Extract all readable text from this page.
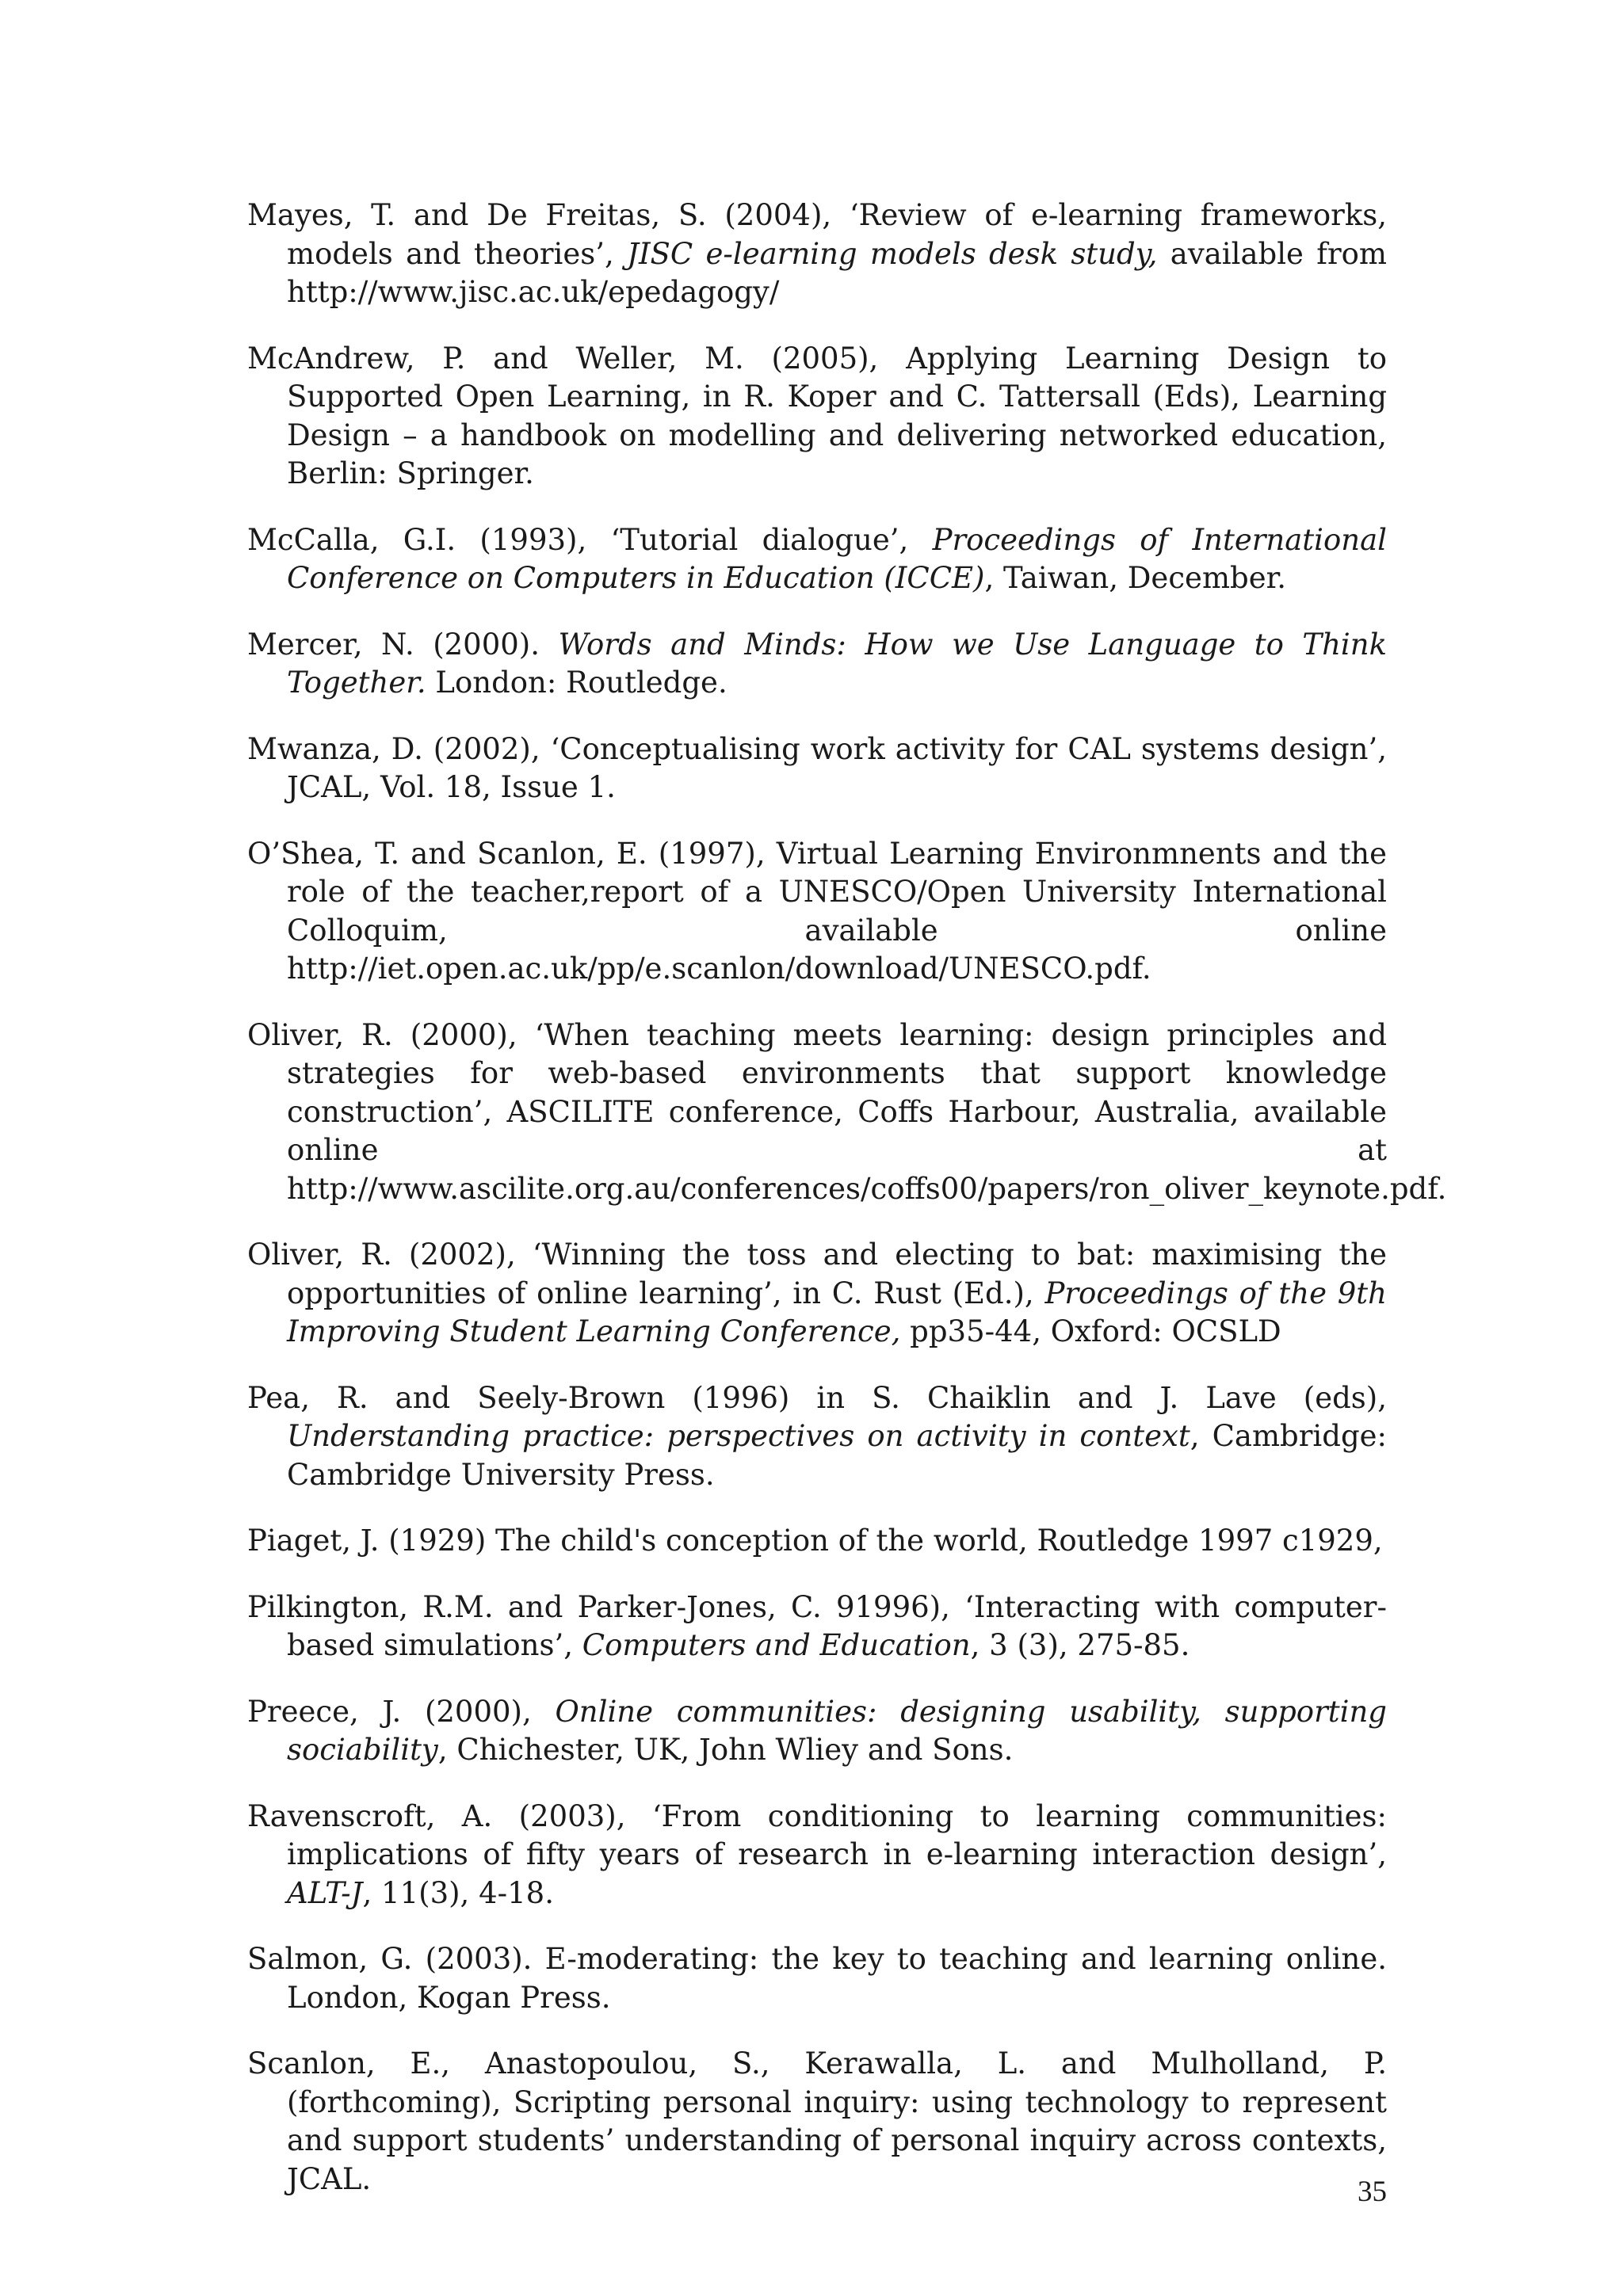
Mayes, T. and De Freitas, S. (2004), ‘Review of e-learning frameworks, models and theories’, JISC e-learning models desk study, available from http://www.jisc.ac.uk/epedagogy/

McAndrew, P. and Weller, M. (2005), Applying Learning Design to Supported Open Learning, in R. Koper and C. Tattersall (Eds), Learning Design – a handbook on modelling and delivering networked education, Berlin: Springer.

McCalla, G.I. (1993), ‘Tutorial dialogue’, Proceedings of International Conference on Computers in Education (ICCE), Taiwan, December.

Mercer, N. (2000). Words and Minds: How we Use Language to Think Together. London: Routledge.

Mwanza, D. (2002), ‘Conceptualising work activity for CAL systems design’, JCAL, Vol. 18, Issue 1.

O’Shea, T. and Scanlon, E. (1997), Virtual Learning Environmnents and the role of the teacher,report of a UNESCO/Open University International Colloquim, available online http://iet.open.ac.uk/pp/e.scanlon/download/UNESCO.pdf.

Oliver, R. (2000), ‘When teaching meets learning: design principles and strategies for web-based environments that support knowledge construction’, ASCILITE conference, Coffs Harbour, Australia, available online at http://www.ascilite.org.au/conferences/coffs00/papers/ron_oliver_keynote.pdf.

Oliver, R. (2002), ‘Winning the toss and electing to bat: maximising the opportunities of online learning’, in C. Rust (Ed.), Proceedings of the 9th Improving Student Learning Conference, pp35-44, Oxford: OCSLD

Pea, R. and Seely-Brown (1996) in S. Chaiklin and J. Lave (eds), Understanding practice: perspectives on activity in context, Cambridge: Cambridge University Press.

Piaget, J. (1929) The child's conception of the world, Routledge 1997 c1929,

Pilkington, R.M. and Parker-Jones, C. 91996), ‘Interacting with computer-based simulations’, Computers and Education, 3 (3), 275-85.

Preece, J. (2000), Online communities: designing usability, supporting sociability, Chichester, UK, John Wliey and Sons.

Ravenscroft, A. (2003), ‘From conditioning to learning communities: implications of fifty years of research in e-learning interaction design’, ALT-J, 11(3), 4-18.

Salmon, G. (2003). E-moderating: the key to teaching and learning online. London, Kogan Press.

Scanlon, E., Anastopoulou, S., Kerawalla, L. and Mulholland, P. (forthcoming), Scripting personal inquiry: using technology to represent and support students’ understanding of personal inquiry across contexts, JCAL.	35
